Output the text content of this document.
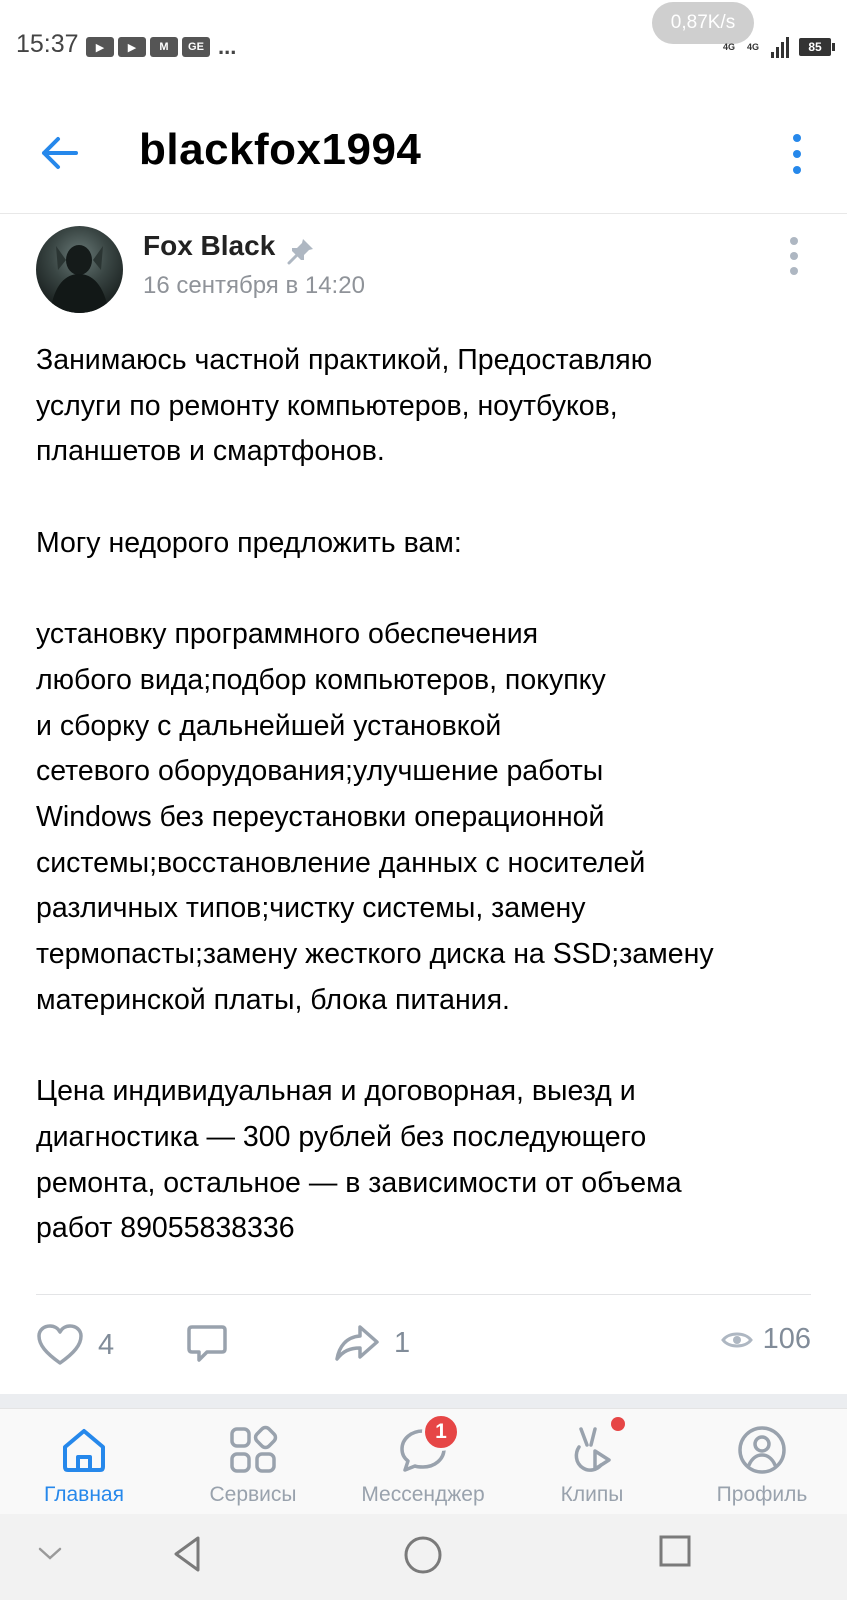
15:37	▶	▶	M	GE ...
0,87K/s
4G 4G	85
blackfox1994
Fox Black
16 сентября в 14:20
Занимаюсь частной практикой, Предоставляю
услуги по ремонту компьютеров, ноутбуков,
планшетов и смартфонов.

Могу недорого предложить вам:

установку программного обеспечения
любого вида;подбор компьютеров, покупку
и сборку с дальнейшей установкой
сетевого оборудования;улучшение работы
Windows без переустановки операционной
системы;восстановление данных с носителей
различных типов;чистку системы, замену
термопасты;замену жесткого диска на SSD;замену
материнской платы, блока питания.

Цена индивидуальная и договорная, выезд и
диагностика — 300 рублей без последующего
ремонта, остальное — в зависимости от объема
работ 89055838336
4	1	106
Главная	Сервисы
1
Мессенджер	Клипы	Профиль
